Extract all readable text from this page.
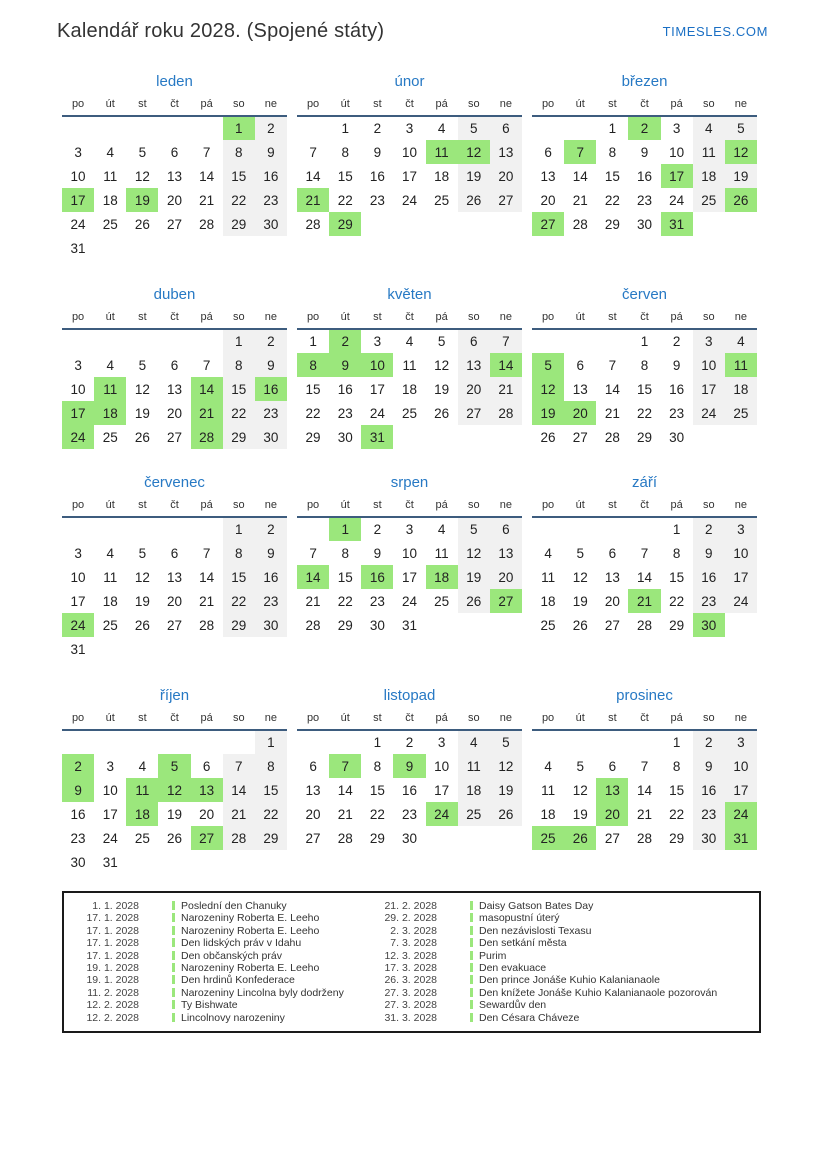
Kalendář roku 2028. (Spojené státy)	TIMESLES.COM
leden
po	út	st	čt	pá	so	ne
					1	2
3	4	5	6	7	8	9
10	11	12	13	14	15	16
17	18	19	20	21	22	23
24	25	26	27	28	29	30
31						
únor
po	út	st	čt	pá	so	ne
	1	2	3	4	5	6
7	8	9	10	11	12	13
14	15	16	17	18	19	20
21	22	23	24	25	26	27
28	29					
březen
po	út	st	čt	pá	so	ne
		1	2	3	4	5
6	7	8	9	10	11	12
13	14	15	16	17	18	19
20	21	22	23	24	25	26
27	28	29	30	31		
duben
po	út	st	čt	pá	so	ne
					1	2
3	4	5	6	7	8	9
10	11	12	13	14	15	16
17	18	19	20	21	22	23
24	25	26	27	28	29	30
květen
po	út	st	čt	pá	so	ne
1	2	3	4	5	6	7
8	9	10	11	12	13	14
15	16	17	18	19	20	21
22	23	24	25	26	27	28
29	30	31				
červen
po	út	st	čt	pá	so	ne
			1	2	3	4
5	6	7	8	9	10	11
12	13	14	15	16	17	18
19	20	21	22	23	24	25
26	27	28	29	30		
červenec
po	út	st	čt	pá	so	ne
					1	2
3	4	5	6	7	8	9
10	11	12	13	14	15	16
17	18	19	20	21	22	23
24	25	26	27	28	29	30
31						
srpen
po	út	st	čt	pá	so	ne
	1	2	3	4	5	6
7	8	9	10	11	12	13
14	15	16	17	18	19	20
21	22	23	24	25	26	27
28	29	30	31			
září
po	út	st	čt	pá	so	ne
				1	2	3
4	5	6	7	8	9	10
11	12	13	14	15	16	17
18	19	20	21	22	23	24
25	26	27	28	29	30	
říjen
po	út	st	čt	pá	so	ne
						1
2	3	4	5	6	7	8
9	10	11	12	13	14	15
16	17	18	19	20	21	22
23	24	25	26	27	28	29
30	31					
listopad
po	út	st	čt	pá	so	ne
		1	2	3	4	5
6	7	8	9	10	11	12
13	14	15	16	17	18	19
20	21	22	23	24	25	26
27	28	29	30			
prosinec
po	út	st	čt	pá	so	ne
				1	2	3
4	5	6	7	8	9	10
11	12	13	14	15	16	17
18	19	20	21	22	23	24
25	26	27	28	29	30	31
1. 1. 2028	Poslední den Chanuky	21. 2. 2028	Daisy Gatson Bates Day
17. 1. 2028	Narozeniny Roberta E. Leeho	29. 2. 2028	masopustní úterý
17. 1. 2028	Narozeniny Roberta E. Leeho	2. 3. 2028	Den nezávislosti Texasu
17. 1. 2028	Den lidských práv v Idahu	7. 3. 2028	Den setkání města
17. 1. 2028	Den občanských práv	12. 3. 2028	Purim
19. 1. 2028	Narozeniny Roberta E. Leeho	17. 3. 2028	Den evakuace
19. 1. 2028	Den hrdinů Konfederace	26. 3. 2028	Den prince Jonáše Kuhio Kalanianaole
11. 2. 2028	Narozeniny Lincolna byly dodrženy	27. 3. 2028	Den knížete Jonáše Kuhio Kalanianaole pozorován
12. 2. 2028	Ty Bishwate	27. 3. 2028	Sewardův den
12. 2. 2028	Lincolnovy narozeniny	31. 3. 2028	Den Césara Cháveze
